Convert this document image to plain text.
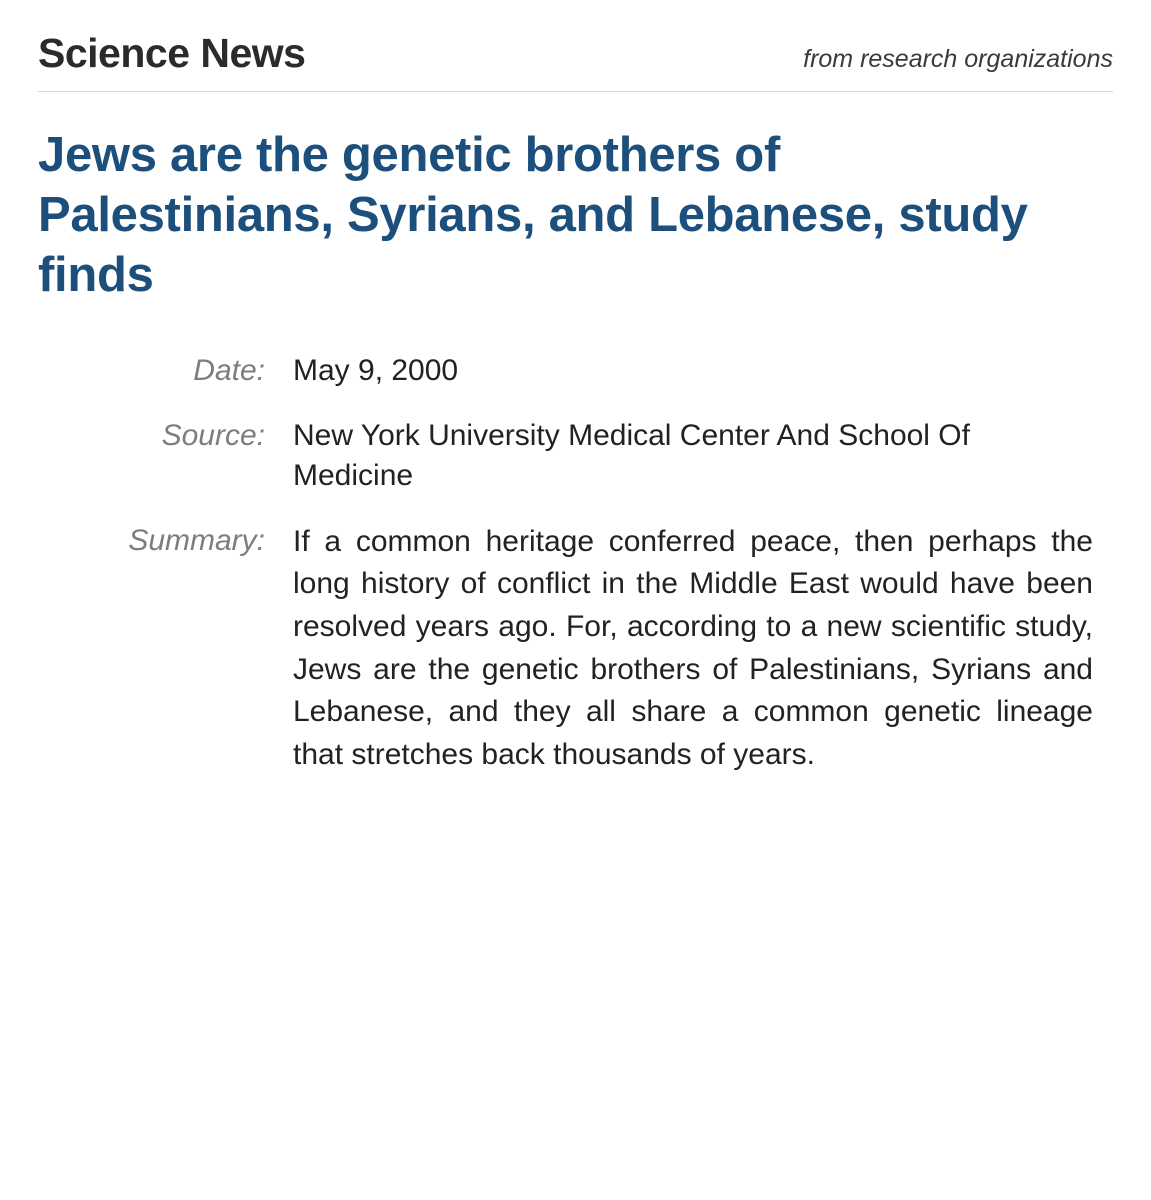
Science News	from research organizations
Jews are the genetic brothers of Palestinians, Syrians, and Lebanese, study finds
Date: May 9, 2000
Source: New York University Medical Center And School Of Medicine
Summary: If a common heritage conferred peace, then perhaps the long history of conflict in the Middle East would have been resolved years ago. For, according to a new scientific study, Jews are the genetic brothers of Palestinians, Syrians and Lebanese, and they all share a common genetic lineage that stretches back thousands of years.
